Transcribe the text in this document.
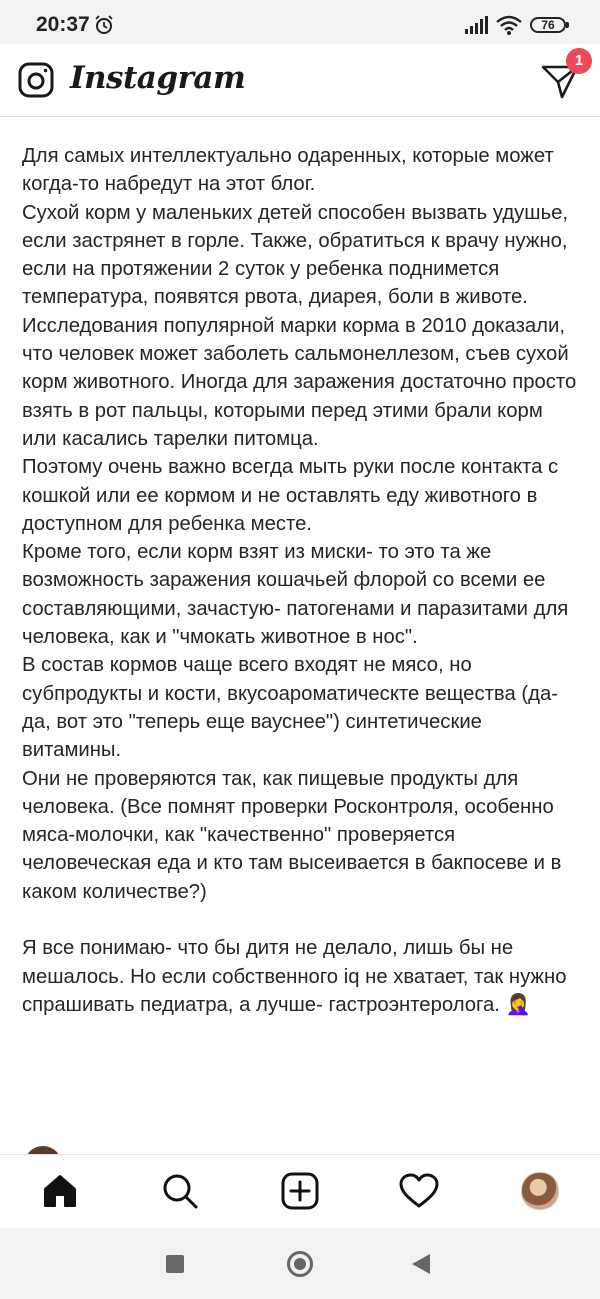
20:37	76
Instagram	1

Для самых интеллектуально одаренных, которые может когда-то набредут на этот блог.

Сухой корм у маленьких детей способен вызвать удушье, если застрянет в горле. Также, обратиться к врачу нужно, если на протяжении 2 суток у ребенка поднимется температура, появятся рвота, диарея, боли в животе.

Исследования популярной марки корма в 2010 доказали, что человек может заболеть сальмонеллезом, съев сухой корм животного. Иногда для заражения достаточно просто взять в рот пальцы, которыми перед этими брали корм или касались тарелки питомца.

Поэтому очень важно всегда мыть руки после контакта с кошкой или ее кормом и не оставлять еду животного в доступном для ребенка месте.

Кроме того, если корм взят из миски- то это та же возможность заражения кошачьей флорой со всеми ее составляющими, зачастую- патогенами и паразитами для человека, как и "чмокать животное в нос".

В состав кормов чаще всего входят не мясо, но субпродукты и кости, вкусоароматическте вещества (да-да, вот это "теперь еще вауснее") синтетические витамины.

Они не проверяются так, как пищевые продукты для человека. (Все помнят проверки Росконтроля, особенно мяса-молочки, как "качественно" проверяется человеческая еда и кто там высеивается в бакпосеве и в каком количестве?)

Я все понимаю- что бы дитя не делало, лишь бы не мешалось. Но если собственного iq не хватает, так нужно спрашивать педиатра, а лучше- гастроэнтеролога. 🤦‍♀️
